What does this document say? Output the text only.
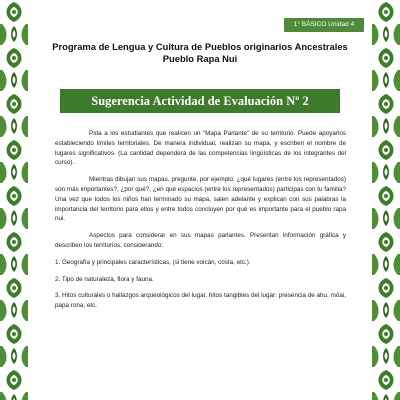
1° BÁSICO Unidad 4
Programa de Lengua y Cultura de Pueblos originarios Ancestrales
Pueblo Rapa Nui
Sugerencia Actividad de Evaluación Nº 2

Pida a los estudiantes que realicen un “Mapa Parlante” de su territorio. Puede apoyarlos estableciendo límites territoriales. De manera individual, realizan su mapa, y escriben el nombre de lugares significativos. (La cantidad dependerá de las competencias lingüísticas de los integrantes del curso).

Mientras dibujan sus mapas, pregunte, por ejemplo: ¿qué lugares (entre los representados) son más importantes?, ¿por qué?, ¿en qué espacios (entre los representados) participas con tu familia? Una vez que todos los niños han terminado su mapa, salen adelante y explican con sus palabras la importancia del territorio para ellos y entre todos concluyen por qué es importante para el pueblo rapa nui.

Aspectos para considerar en sus mapas parlantes. Presentan información gráfica y describen los territorios, considerando:

1. Geografía y principales características, (si tiene volcán, costa, etc.).

2. Tipo de naturaleza, flora y fauna.

3. Hitos culturales o hallazgos arqueológicos del lugar, hitos tangibles del lugar: presencia de ahu, mōai, papa rona, etc.
